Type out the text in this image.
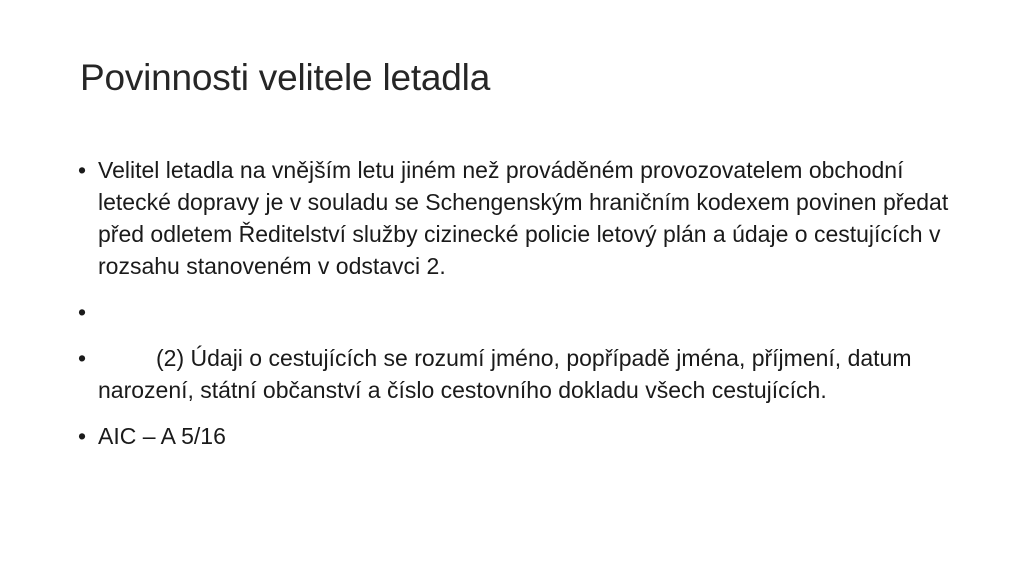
Povinnosti velitele letadla
• Velitel letadla na vnějším letu jiném než prováděném provozovatelem obchodní letecké dopravy je v souladu se Schengenským hraničním kodexem povinen předat před odletem Ředitelství služby cizinecké policie letový plán a údaje o cestujících v rozsahu stanoveném v odstavci 2.
•
•	(2) Údaji o cestujících se rozumí jméno, popřípadě jména, příjmení, datum narození, státní občanství a číslo cestovního dokladu všech cestujících.
• AIC – A 5/16
